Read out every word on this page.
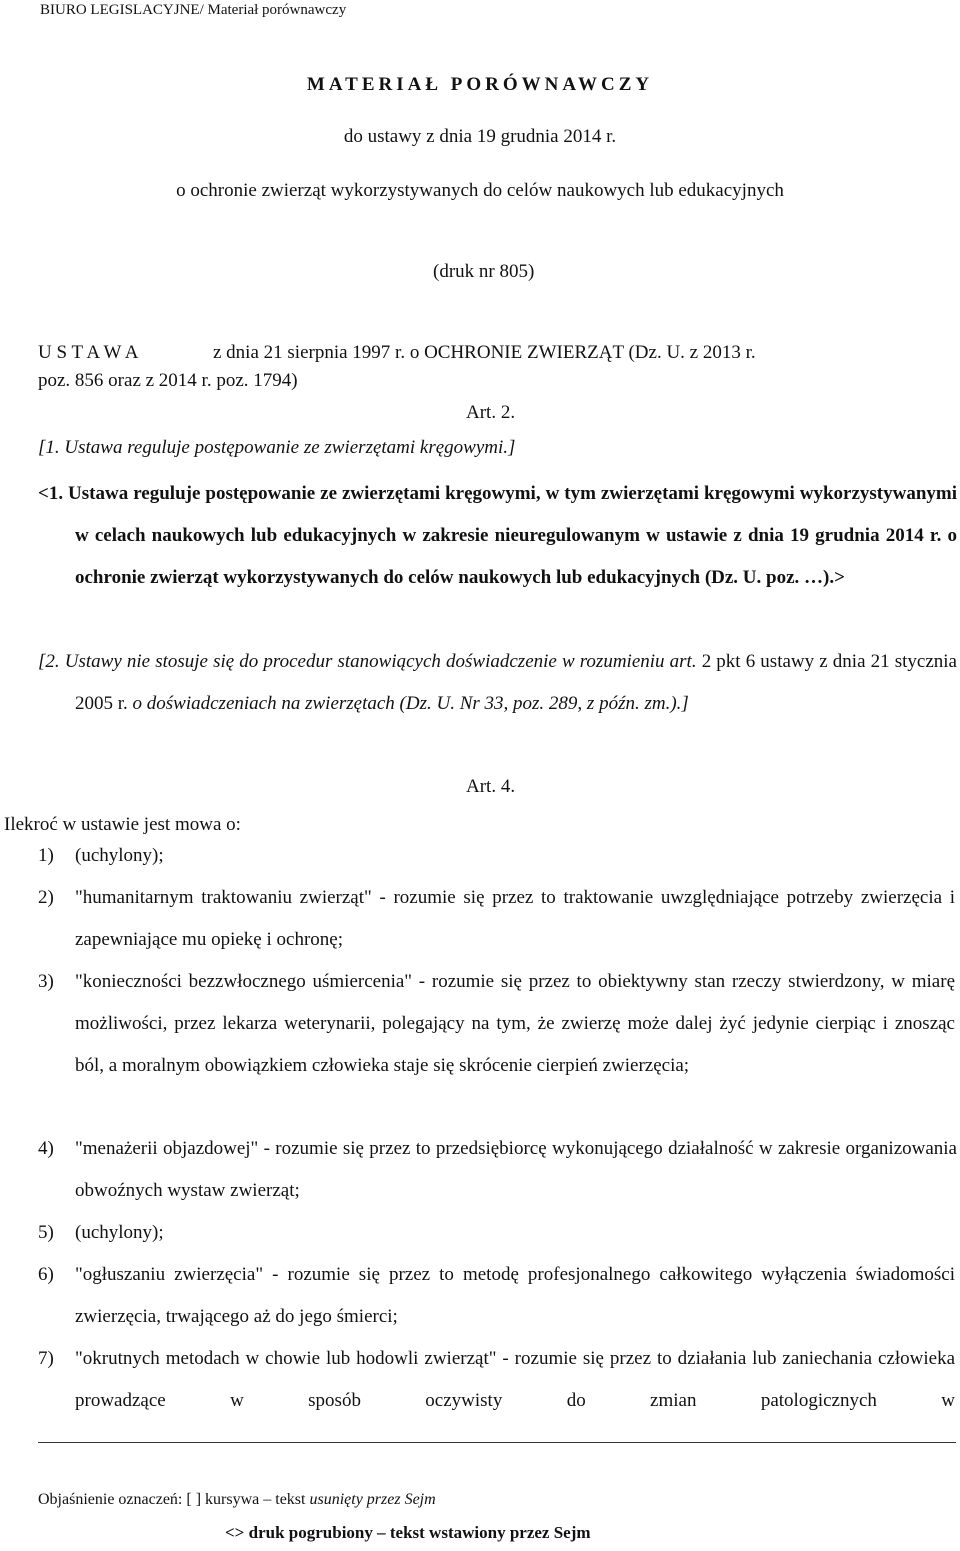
BIURO LEGISLACYJNE/ Materiał porównawczy
MATERIAŁ PORÓWNAWCZY
do ustawy z dnia 19 grudnia 2014 r.
o ochronie zwierząt wykorzystywanych do celów naukowych lub edukacyjnych
(druk nr 805)
U S T A W A	z dnia 21 sierpnia 1997 r. o OCHRONIE ZWIERZĄT (Dz. U. z 2013 r.
poz. 856 oraz z 2014 r. poz. 1794)
Art. 2.
[1. Ustawa reguluje postępowanie ze zwierzętami kręgowymi.]
<1. Ustawa reguluje postępowanie ze zwierzętami kręgowymi, w tym zwierzętami kręgowymi wykorzystywanymi w celach naukowych lub edukacyjnych w zakresie nieuregulowanym w ustawie z dnia 19 grudnia 2014 r. o ochronie zwierząt wykorzystywanych do celów naukowych lub edukacyjnych (Dz. U. poz. …).>
[2. Ustawy nie stosuje się do procedur stanowiących doświadczenie w rozumieniu art. 2 pkt 6 ustawy z dnia 21 stycznia 2005 r. o doświadczeniach na zwierzętach (Dz. U. Nr 33, poz. 289, z późn. zm.).]
Art. 4.
Ilekroć w ustawie jest mowa o:
1) (uchylony);
2) "humanitarnym traktowaniu zwierząt" - rozumie się przez to traktowanie uwzględniające potrzeby zwierzęcia i zapewniające mu opiekę i ochronę;
3) "konieczności bezzwłocznego uśmiercenia" - rozumie się przez to obiektywny stan rzeczy stwierdzony, w miarę możliwości, przez lekarza weterynarii, polegający na tym, że zwierzę może dalej żyć jedynie cierpiąc i znosząc ból, a moralnym obowiązkiem człowieka staje się skrócenie cierpień zwierzęcia;
4) "menażerii objazdowej" - rozumie się przez to przedsiębiorcę wykonującego działalność w zakresie organizowania obwoźnych wystaw zwierząt;
5) (uchylony);
6) "ogłuszaniu zwierzęcia" - rozumie się przez to metodę profesjonalnego całkowitego wyłączenia świadomości zwierzęcia, trwającego aż do jego śmierci;
7) "okrutnych metodach w chowie lub hodowli zwierząt" - rozumie się przez to działania lub zaniechania człowieka prowadzące w sposób oczywisty do zmian patologicznych w
Objaśnienie oznaczeń: [ ] kursywa – tekst usunięty przez Sejm
<> druk pogrubiony – tekst wstawiony przez Sejm
